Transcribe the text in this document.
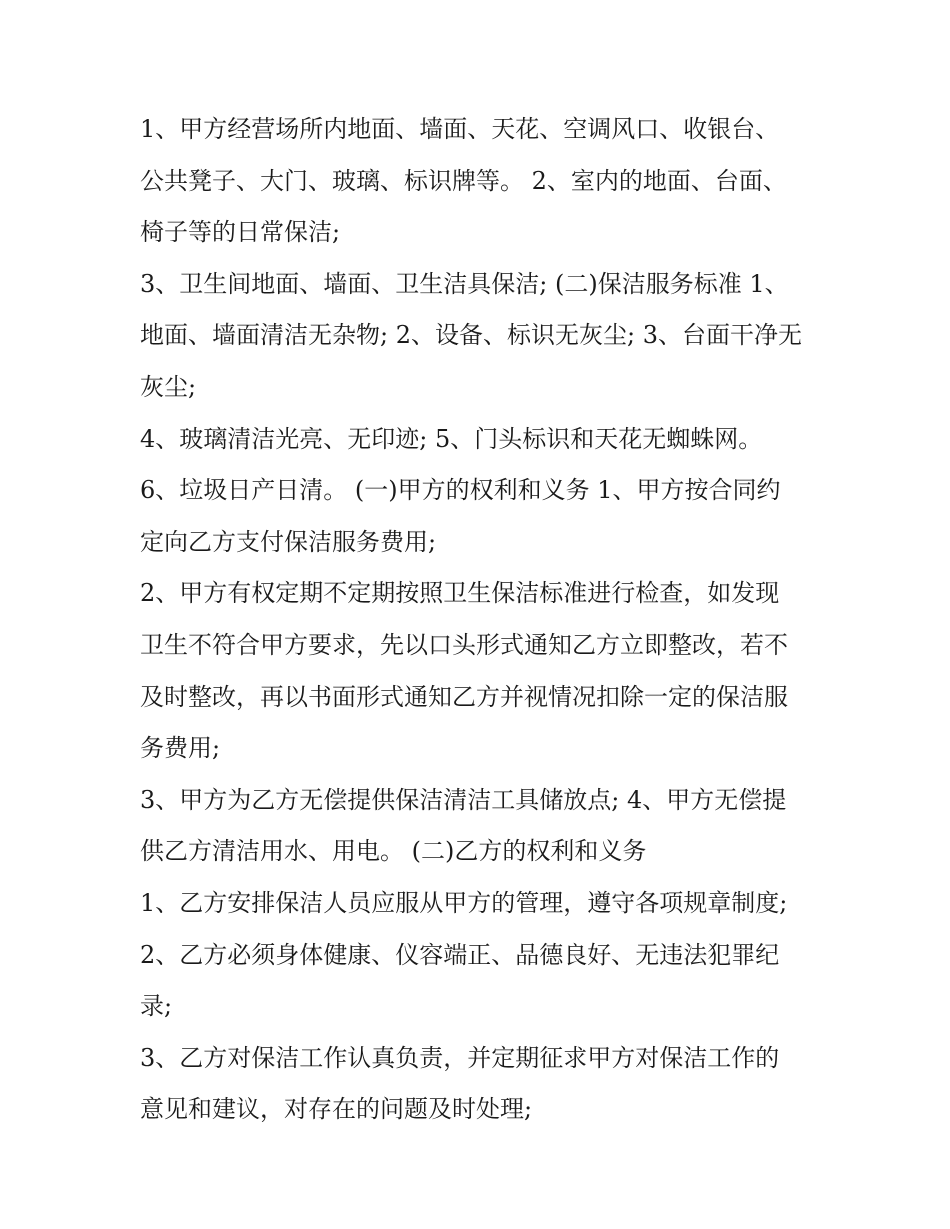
1、甲方经营场所内地面、墙面、天花、空调风口、收银台、
公共凳子、大门、玻璃、标识牌等。 2、室内的地面、台面、
椅子等的日常保洁;

3、卫生间地面、墙面、卫生洁具保洁; (二)保洁服务标准 1、
地面、墙面清洁无杂物; 2、设备、标识无灰尘; 3、台面干净无
灰尘;

4、玻璃清洁光亮、无印迹; 5、门头标识和天花无蜘蛛网。

6、垃圾日产日清。 (一)甲方的权利和义务 1、甲方按合同约
定向乙方支付保洁服务费用;

2、甲方有权定期不定期按照卫生保洁标准进行检查，如发现
卫生不符合甲方要求，先以口头形式通知乙方立即整改，若不
及时整改，再以书面形式通知乙方并视情况扣除一定的保洁服
务费用;

3、甲方为乙方无偿提供保洁清洁工具储放点; 4、甲方无偿提
供乙方清洁用水、用电。 (二)乙方的权利和义务

1、乙方安排保洁人员应服从甲方的管理，遵守各项规章制度;

2、乙方必须身体健康、仪容端正、品德良好、无违法犯罪纪
录;

3、乙方对保洁工作认真负责，并定期征求甲方对保洁工作的
意见和建议，对存在的问题及时处理;
